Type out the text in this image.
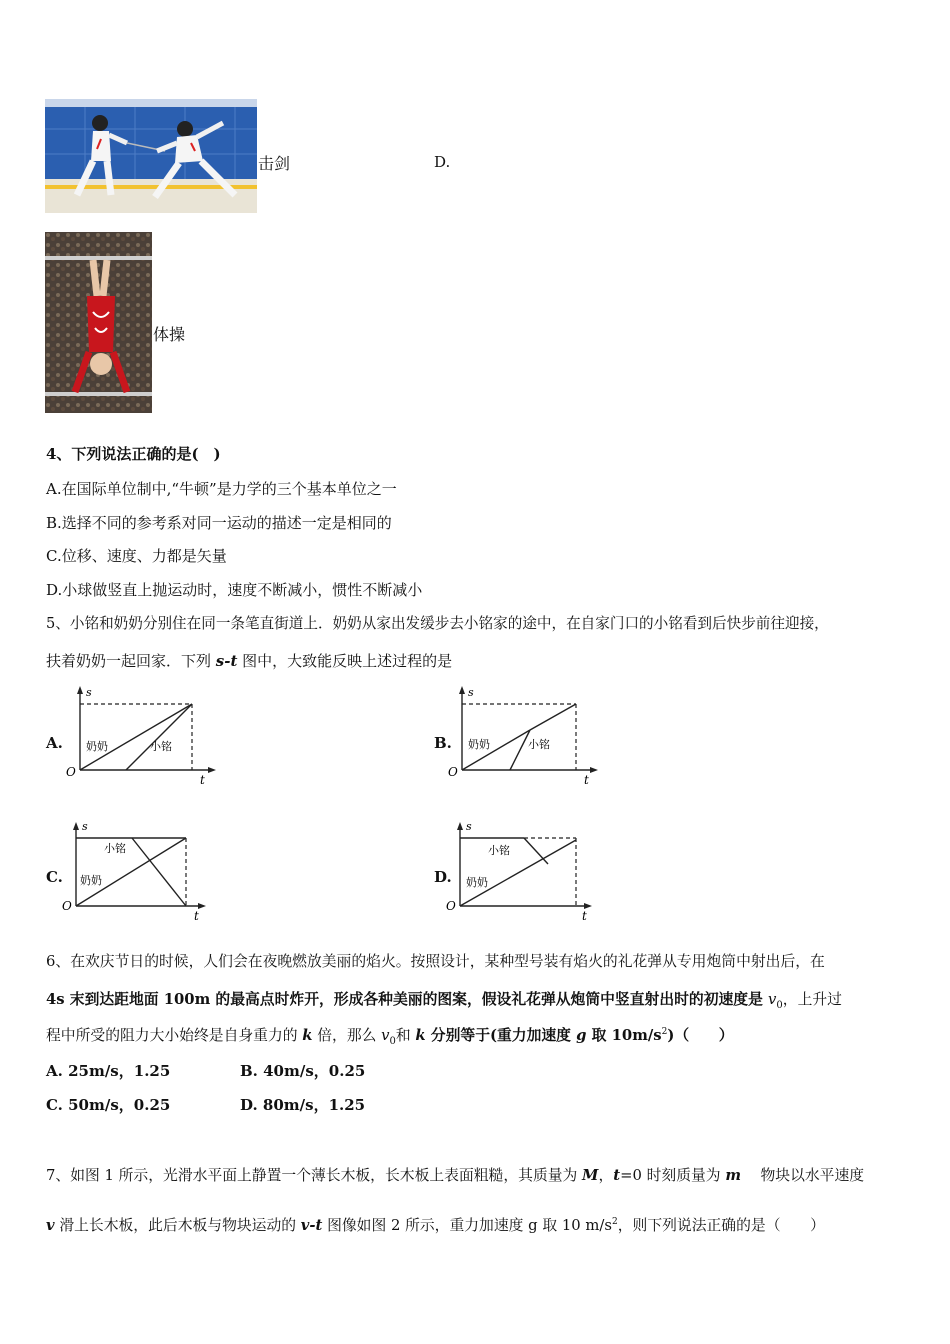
击剑	D.
体操
4、下列说法正确的是(　)
A.在国际单位制中,“牛顿”是力学的三个基本单位之一
B.选择不同的参考系对同一运动的描述一定是相同的
C.位移、速度、力都是矢量
D.小球做竖直上抛运动时，速度不断减小，惯性不断减小
5、小铭和奶奶分别住在同一条笔直街道上．奶奶从家出发缓步去小铭家的途中，在自家门口的小铭看到后快步前往迎接，
扶着奶奶一起回家．下列 s-t 图中，大致能反映上述过程的是
A.
s
t
O
奶奶	小铭	B.
s
t
O
奶奶	小铭
C.
s
t
O
小铭
奶奶	D.
s
t
O
小铭
奶奶
6、在欢庆节日的时候，人们会在夜晚燃放美丽的焰火。按照设计，某种型号装有焰火的礼花弹从专用炮筒中射出后，在
4s 末到达距地面 100m 的最高点时炸开，形成各种美丽的图案，假设礼花弹从炮筒中竖直射出时的初速度是 $v_0$，上升过
程中所受的阻力大小始终是自身重力的 k 倍，那么 $v_0$和 k 分别等于(重力加速度 g 取 $10m/s^2$)（　　）
A. 25m/s，1.25	B. 40m/s，0.25
C. 50m/s，0.25	D. 80m/s，1.25
7、如图 1 所示，光滑水平面上静置一个薄长木板，长木板上表面粗糙，其质量为 M，t=0 时刻质量为 m　 物块以水平速度
v 滑上长木板，此后木板与物块运动的 v-t 图像如图 2 所示，重力加速度 g 取 10 $m/s^2$，则下列说法正确的是（　　）
